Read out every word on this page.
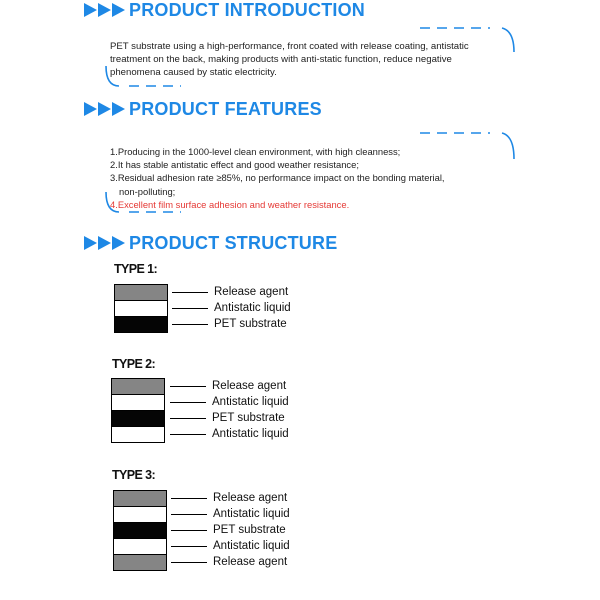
PRODUCT INTRODUCTION
PET substrate using a high-performance, front coated with release coating, antistatic
treatment on the back, making products with anti-static function, reduce negative
phenomena caused by static electricity.
PRODUCT FEATURES
1.Producing in the 1000-level clean environment, with high cleanness;
2.It has stable antistatic effect and good weather resistance;
3.Residual adhesion rate ≥85%, no performance impact on the bonding material,
non-polluting;
4.Excellent film surface adhesion and weather resistance.
PRODUCT STRUCTURE
TYPE 1:
Release agent
Antistatic liquid
PET substrate
TYPE 2:
Release agent
Antistatic liquid
PET substrate
Antistatic liquid
TYPE 3:
Release agent
Antistatic liquid
PET substrate
Antistatic liquid
Release agent
